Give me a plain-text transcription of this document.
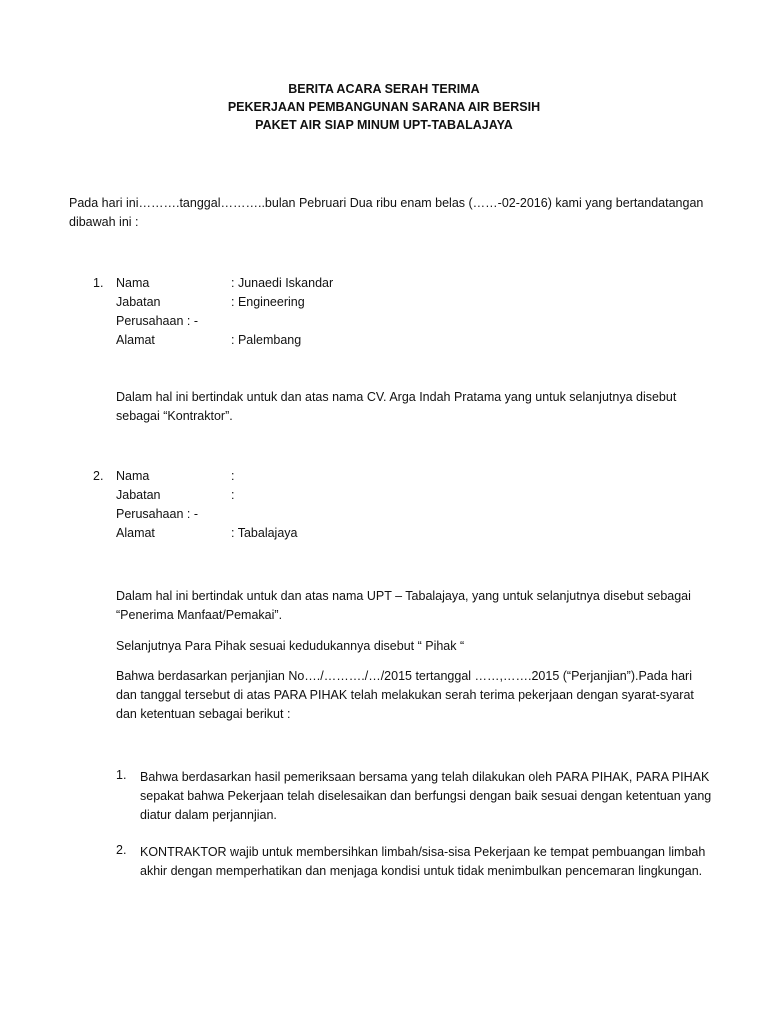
BERITA ACARA SERAH TERIMA
PEKERJAAN PEMBANGUNAN SARANA AIR BERSIH
PAKET AIR SIAP MINUM UPT-TABALAJAYA
Pada hari ini……….tanggal………..bulan Pebruari Dua ribu enam belas (……-02-2016) kami yang bertandatangan
dibawah ini :
1. Nama	: Junaedi Iskandar
Jabatan	: Engineering
Perusahaan : -
Alamat	: Palembang
Dalam hal ini bertindak untuk dan atas nama CV. Arga Indah Pratama yang untuk selanjutnya disebut
sebagai “Kontraktor”.
2. Nama	:
Jabatan	:
Perusahaan : -
Alamat	: Tabalajaya
Dalam hal ini bertindak untuk dan atas nama UPT – Tabalajaya, yang untuk selanjutnya disebut sebagai
“Penerima Manfaat/Pemakai”.
Selanjutnya Para Pihak sesuai kedudukannya disebut “ Pihak “
Bahwa berdasarkan perjanjian No…./………./…/2015 tertanggal ……,…….2015 (“Perjanjian”).Pada hari
dan tanggal tersebut di atas PARA PIHAK telah melakukan serah terima pekerjaan dengan syarat-syarat
dan ketentuan sebagai berikut :
1. Bahwa berdasarkan hasil pemeriksaan bersama yang telah dilakukan oleh PARA PIHAK, PARA PIHAK
sepakat bahwa Pekerjaan telah diselesaikan dan berfungsi dengan baik sesuai dengan ketentuan yang
diatur dalam perjannjian.
2. KONTRAKTOR wajib untuk membersihkan limbah/sisa-sisa Pekerjaan ke tempat pembuangan limbah
akhir dengan memperhatikan dan menjaga kondisi untuk tidak menimbulkan pencemaran lingkungan.
